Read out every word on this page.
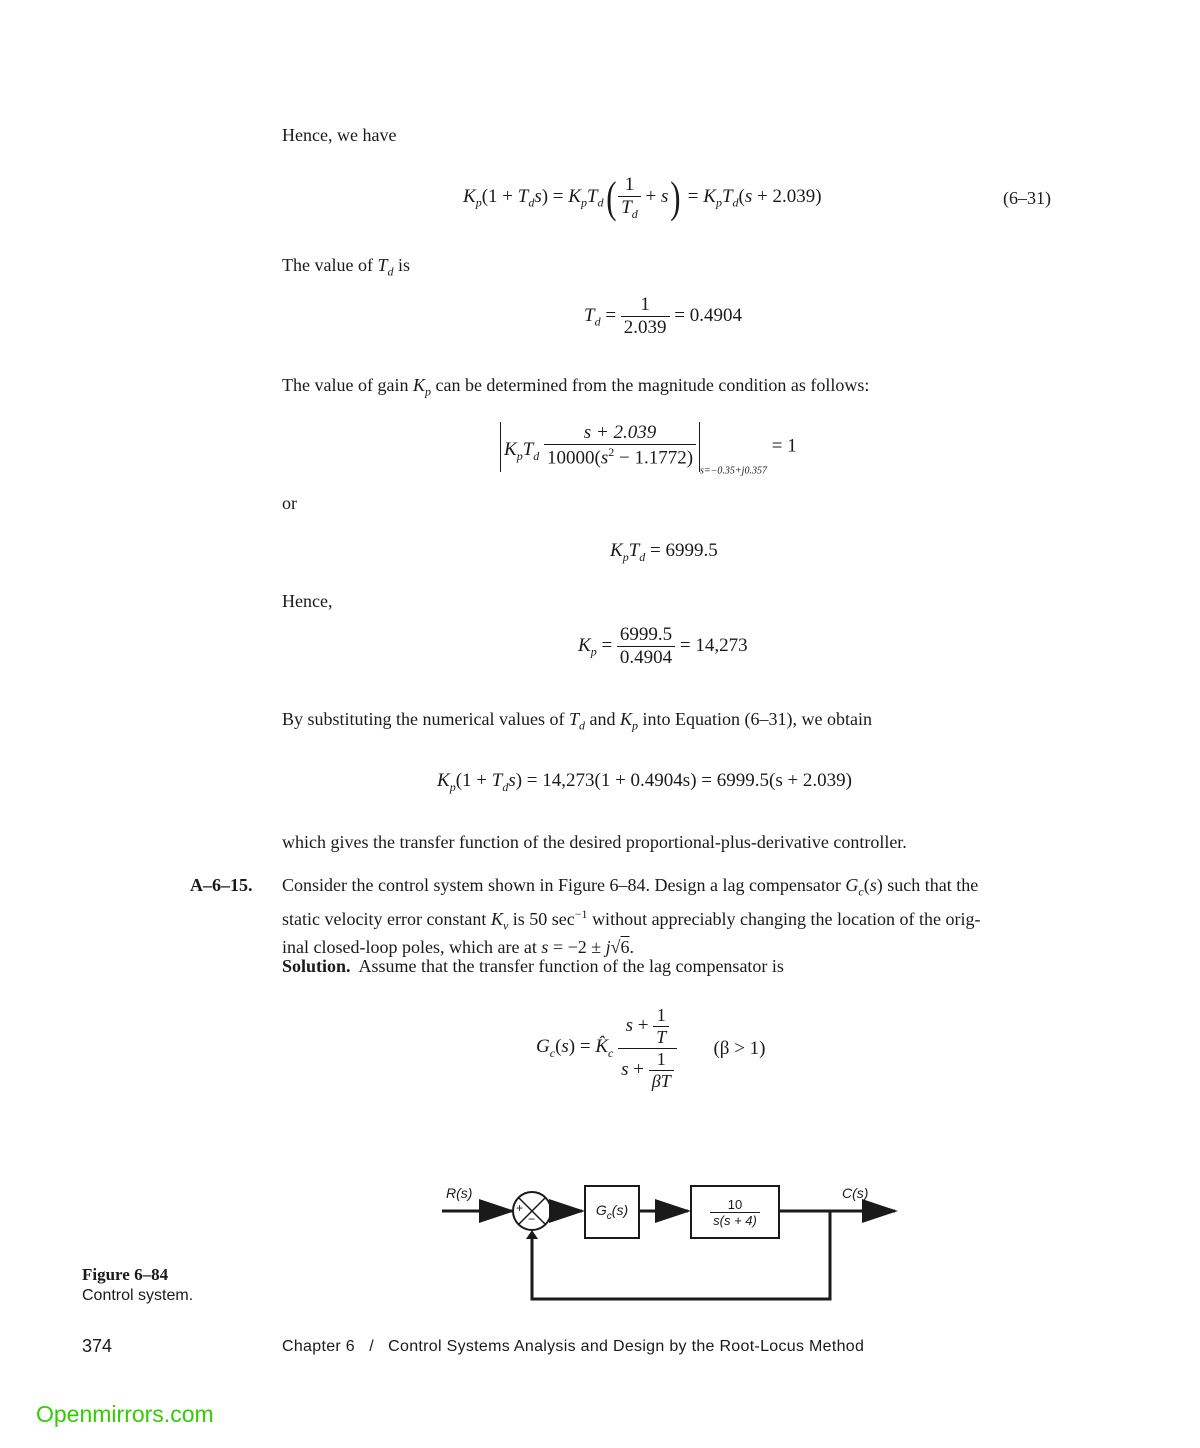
Hence, we have
$K_p(1 + T_ds) = K_pT_d( \frac{1}{T_d} + s) = K_pT_d(s + 2.039)$	(6–31)
The value of $T_d$ is
$T_d = \frac{1}{2.039} = 0.4904$
The value of gain $K_p$ can be determined from the magnitude condition as follows:
$K_pT_d \frac{s + 2.039}{10000(s^2 - 1.1772)}$
$_{s=-0.35+j0.357}$ = 1
or
$K_pT_d = 6999.5$
Hence,
$K_p = \frac{6999.5}{0.4904} = 14,273$
By substituting the numerical values of $T_d$ and $K_p$ into Equation (6–31), we obtain
$K_p(1 + T_ds) = 14,273(1 + 0.4904s) = 6999.5(s + 2.039)$
which gives the transfer function of the desired proportional-plus-derivative controller.
A–6–15. Consider the control system shown in Figure 6–84. Design a lag compensator $G_c(s)$ such that the
static velocity error constant $K_v$ is 50 $\sec^{-1}$ without appreciably changing the location of the orig-
inal closed-loop poles, which are at s = −2 ± j√6.
Solution. Assume that the transfer function of the lag compensator is
$G_c(s)$ = $K̂_c \frac{s + \frac{1}{T}}{s + \frac{1}{\beta T}} (\beta > 1)$
R(s)	C(s)
+
−
$G_c(s)$	$\frac{10}{s(s + 4)}$
Figure 6–84
Control system.
374	Chapter 6   /   Control Systems Analysis and Design by the Root-Locus Method
Openmirrors.com
